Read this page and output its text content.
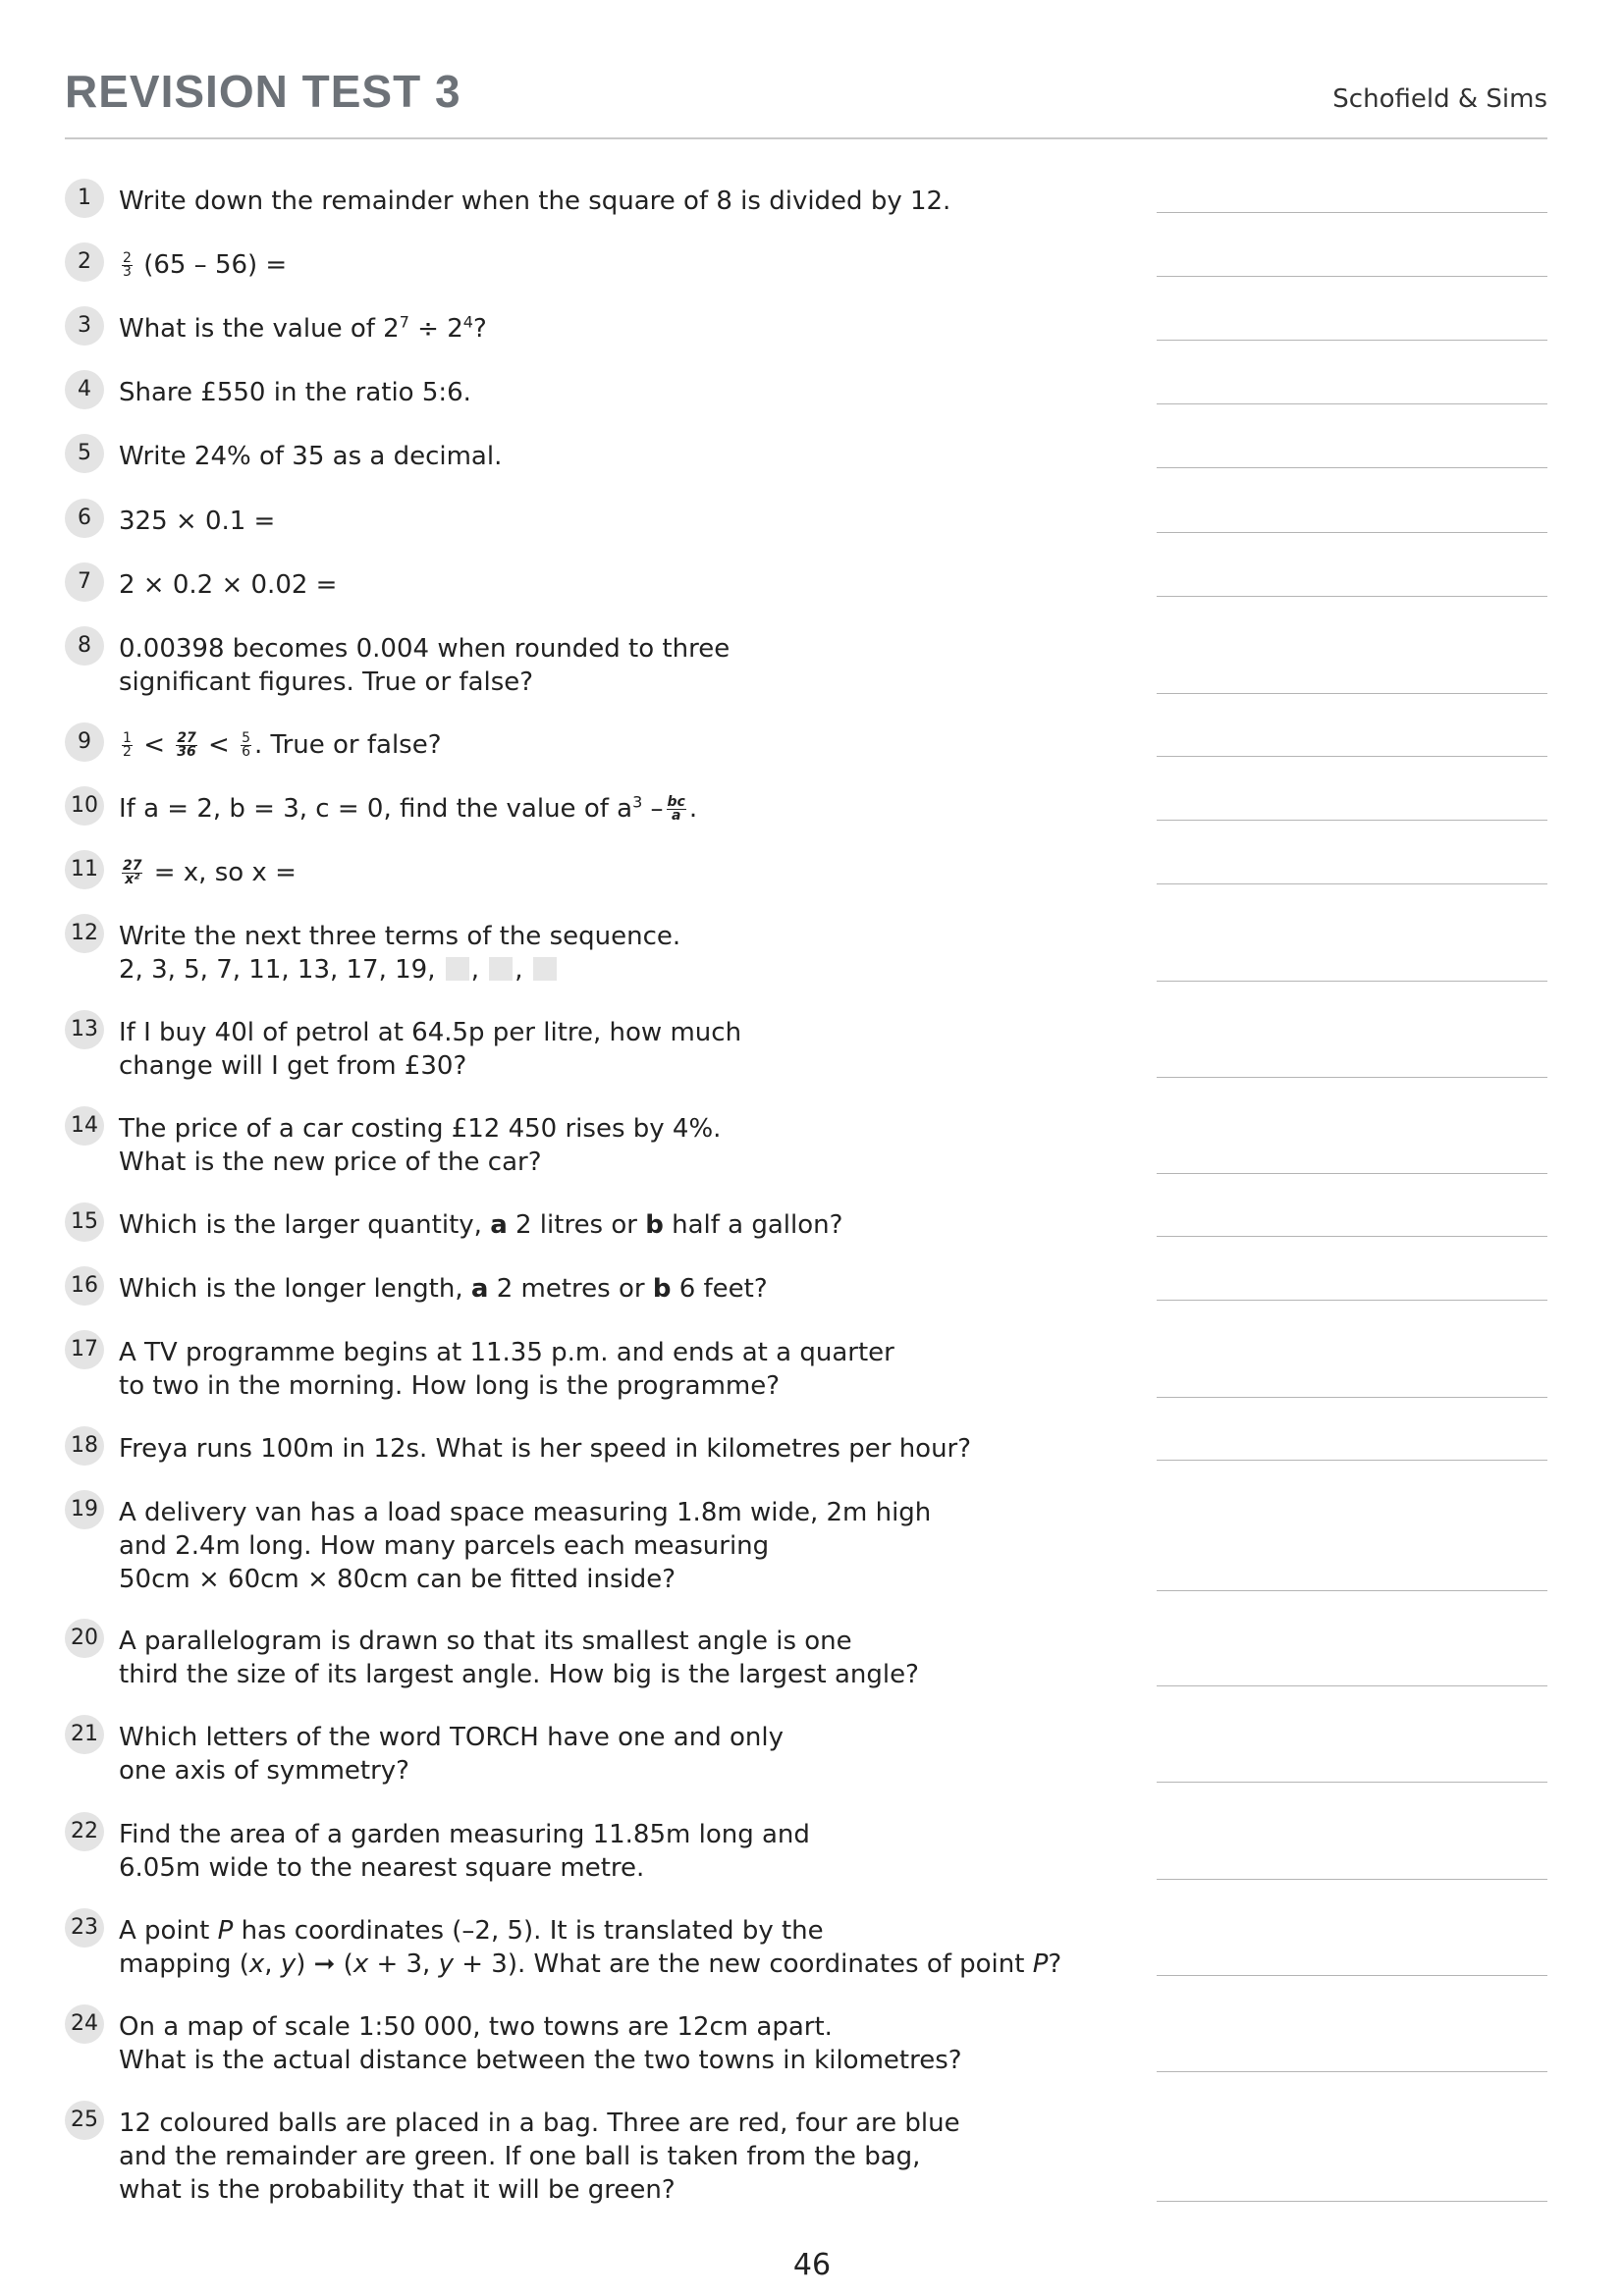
REVISION TEST 3	Schofield & Sims
1	Write down the remainder when the square of 8 is divided by 12.
2	$\frac{2}{3} (65 - 56)$ =
3	What is the value of $2^7 \div 2^4$?
4	Share £550 in the ratio 5:6.
5	Write 24% of 35 as a decimal.
6	325 × 0.1 =
7	2 × 0.2 × 0.02 =
8	0.00398 becomes 0.004 when rounded to three
significant figures. True or false?
9	$\frac{1}{2} < \frac{27}{36} < \frac{5}{6}$ . True or false?
10 If a = 2, b = 3, c = 0, find the value of $a^3 - \frac{bc}{a}$ .
11	$\frac{27}{\text{x²}} = x$, so x =
12 Write the next three terms of the sequence.
2, 3, 5, 7, 11, 13, 17, 19, , ,
13 If I buy 40l of petrol at 64.5p per litre, how much
change will I get from £30?
14 The price of a car costing £12 450 rises by 4%.
What is the new price of the car?
15 Which is the larger quantity, a 2 litres or b half a gallon?
16 Which is the longer length, a 2 metres or b 6 feet?
17 A TV programme begins at 11.35 p.m. and ends at a quarter
to two in the morning. How long is the programme?
18 Freya runs 100m in 12s. What is her speed in kilometres per hour?
19 A delivery van has a load space measuring 1.8m wide, 2m high
and 2.4m long. How many parcels each measuring
50cm × 60cm × 80cm can be fitted inside?
20 A parallelogram is drawn so that its smallest angle is one
third the size of its largest angle. How big is the largest angle?
21 Which letters of the word TORCH have one and only
one axis of symmetry?
22 Find the area of a garden measuring 11.85m long and
6.05m wide to the nearest square metre.
23 A point P has coordinates (–2, 5). It is translated by the
mapping (x, y) ➞ (x + 3, y + 3). What are the new coordinates of point P?
24 On a map of scale 1:50 000, two towns are 12cm apart.
What is the actual distance between the two towns in kilometres?
25 12 coloured balls are placed in a bag. Three are red, four are blue
and the remainder are green. If one ball is taken from the bag,
what is the probability that it will be green?
46
